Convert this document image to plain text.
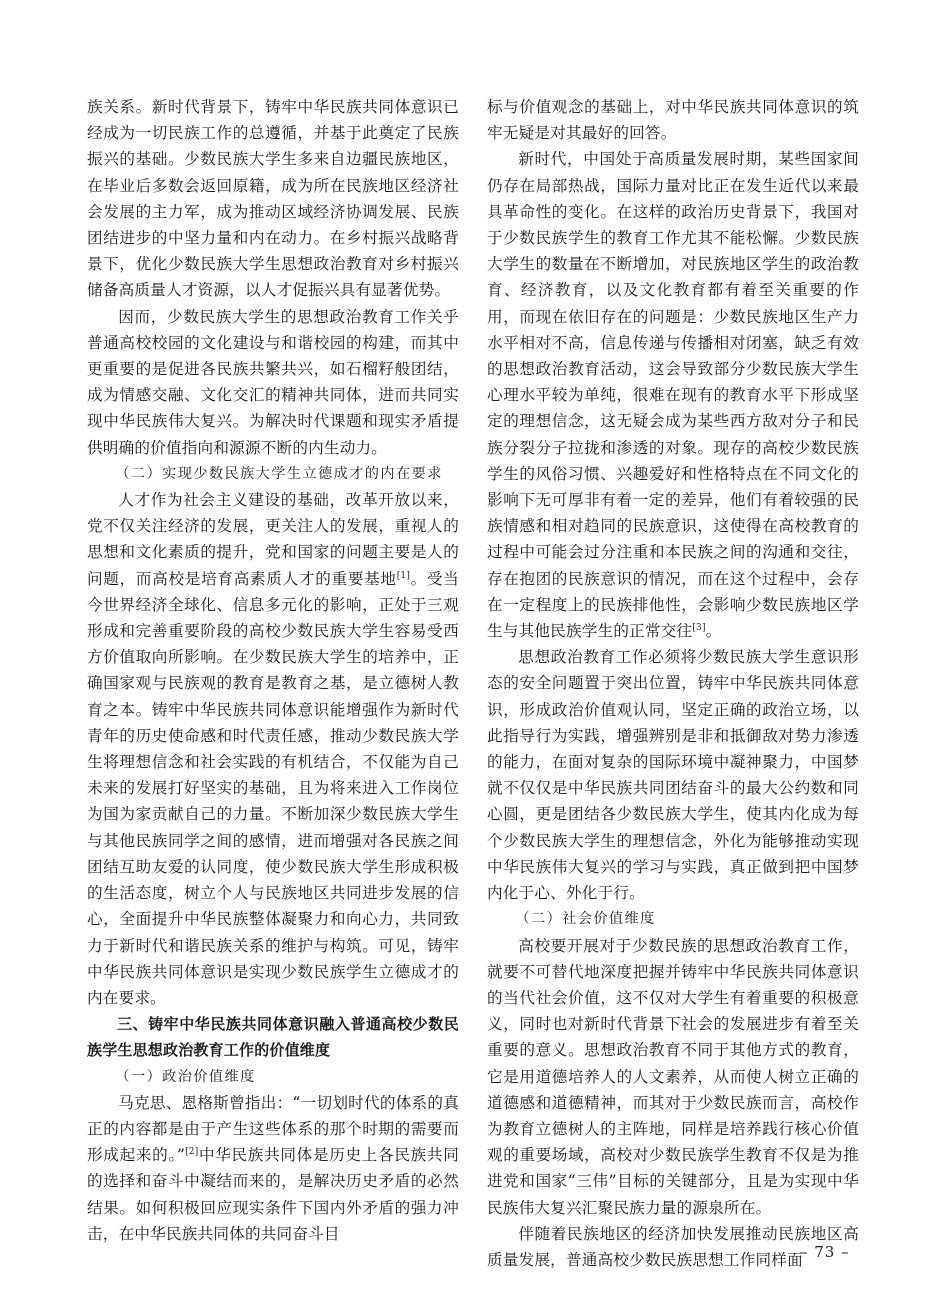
族关系。新时代背景下，铸牢中华民族共同体意识已经成为一切民族工作的总遵循，并基于此奠定了民族振兴的基础。少数民族大学生多来自边疆民族地区，在毕业后多数会返回原籍，成为所在民族地区经济社会发展的主力军，成为推动区域经济协调发展、民族团结进步的中坚力量和内在动力。在乡村振兴战略背景下，优化少数民族大学生思想政治教育对乡村振兴储备高质量人才资源，以人才促振兴具有显著优势。

因而，少数民族大学生的思想政治教育工作关乎普通高校校园的文化建设与和谐校园的构建，而其中更重要的是促进各民族共繁共兴，如石榴籽般团结，成为情感交融、文化交汇的精神共同体，进而共同实现中华民族伟大复兴。为解决时代课题和现实矛盾提供明确的价值指向和源源不断的内生动力。

（二）实现少数民族大学生立德成才的内在要求

人才作为社会主义建设的基础，改革开放以来，党不仅关注经济的发展，更关注人的发展，重视人的思想和文化素质的提升，党和国家的问题主要是人的问题，而高校是培育高素质人才的重要基地[1]。受当今世界经济全球化、信息多元化的影响，正处于三观形成和完善重要阶段的高校少数民族大学生容易受西方价值取向所影响。在少数民族大学生的培养中，正确国家观与民族观的教育是教育之基，是立德树人教育之本。铸牢中华民族共同体意识能增强作为新时代青年的历史使命感和时代责任感，推动少数民族大学生将理想信念和社会实践的有机结合，不仅能为自己未来的发展打好坚实的基础，且为将来进入工作岗位为国为家贡献自己的力量。不断加深少数民族大学生与其他民族同学之间的感情，进而增强对各民族之间团结互助友爱的认同度，使少数民族大学生形成积极的生活态度，树立个人与民族地区共同进步发展的信心，全面提升中华民族整体凝聚力和向心力，共同致力于新时代和谐民族关系的维护与构筑。可见，铸牢中华民族共同体意识是实现少数民族学生立德成才的内在要求。

三、铸牢中华民族共同体意识融入普通高校少数民族学生思想政治教育工作的价值维度

（一）政治价值维度

马克思、恩格斯曾指出：“一切划时代的体系的真正的内容都是由于产生这些体系的那个时期的需要而形成起来的。”[2]中华民族共同体是历史上各民族共同的选择和奋斗中凝结而来的，是解决历史矛盾的必然结果。如何积极回应现实条件下国内外矛盾的强力冲击，在中华民族共同体的共同奋斗目

标与价值观念的基础上，对中华民族共同体意识的筑牢无疑是对其最好的回答。

新时代，中国处于高质量发展时期，某些国家间仍存在局部热战，国际力量对比正在发生近代以来最具革命性的变化。在这样的政治历史背景下，我国对于少数民族学生的教育工作尤其不能松懈。少数民族大学生的数量在不断增加，对民族地区学生的政治教育、经济教育，以及文化教育都有着至关重要的作用，而现在依旧存在的问题是：少数民族地区生产力水平相对不高，信息传递与传播相对闭塞，缺乏有效的思想政治教育活动，这会导致部分少数民族大学生心理水平较为单纯，很难在现有的教育水平下形成坚定的理想信念，这无疑会成为某些西方敌对分子和民族分裂分子拉拢和渗透的对象。现存的高校少数民族学生的风俗习惯、兴趣爱好和性格特点在不同文化的影响下无可厚非有着一定的差异，他们有着较强的民族情感和相对趋同的民族意识，这使得在高校教育的过程中可能会过分注重和本民族之间的沟通和交往，存在抱团的民族意识的情况，而在这个过程中，会存在一定程度上的民族排他性，会影响少数民族地区学生与其他民族学生的正常交往[3]。

思想政治教育工作必须将少数民族大学生意识形态的安全问题置于突出位置，铸牢中华民族共同体意识，形成政治价值观认同，坚定正确的政治立场，以此指导行为实践，增强辨别是非和抵御敌对势力渗透的能力，在面对复杂的国际环境中凝神聚力，中国梦就不仅仅是中华民族共同团结奋斗的最大公约数和同心圆，更是团结各少数民族大学生，使其内化成为每个少数民族大学生的理想信念，外化为能够推动实现中华民族伟大复兴的学习与实践，真正做到把中国梦内化于心、外化于行。

（二）社会价值维度

高校要开展对于少数民族的思想政治教育工作，就要不可替代地深度把握并铸牢中华民族共同体意识的当代社会价值，这不仅对大学生有着重要的积极意义，同时也对新时代背景下社会的发展进步有着至关重要的意义。思想政治教育不同于其他方式的教育，它是用道德培养人的人文素养，从而使人树立正确的道德感和道德精神，而其对于少数民族而言，高校作为教育立德树人的主阵地，同样是培养践行核心价值观的重要场域，高校对少数民族学生教育不仅是为推进党和国家“三伟”目标的关键部分，且是为实现中华民族伟大复兴汇聚民族力量的源泉所在。

伴随着民族地区的经济加快发展推动民族地区高质量发展，普通高校少数民族思想工作同样面

– 73 –
